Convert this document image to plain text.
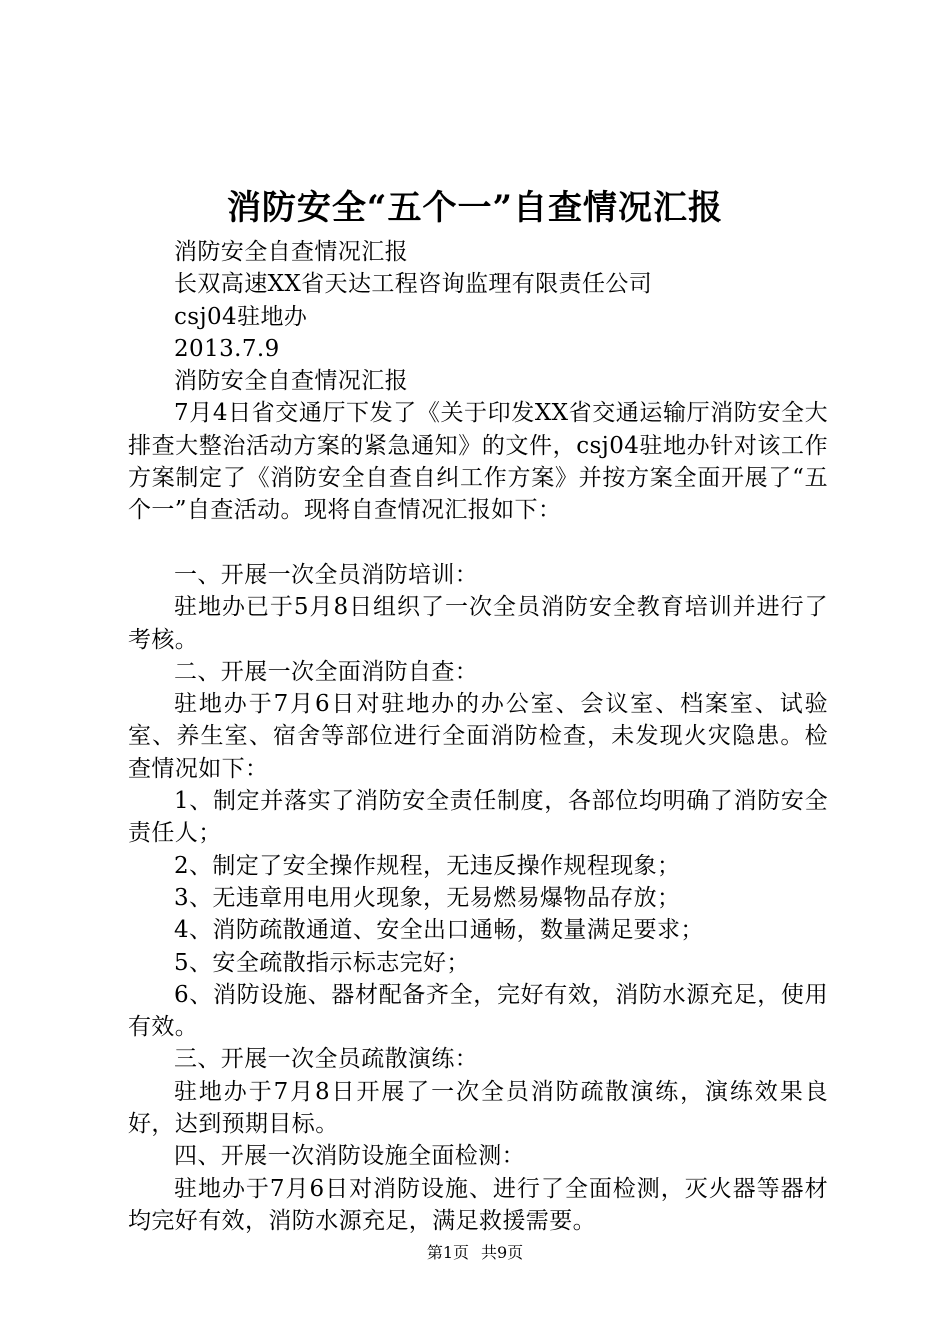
消防安全“五个一”自查情况汇报

消防安全自查情况汇报

长双高速XX省天达工程咨询监理有限责任公司

csj04驻地办

2013.7.9

消防安全自查情况汇报

7月4日省交通厅下发了《关于印发XX省交通运输厅消防安全大排查大整治活动方案的紧急通知》的文件，csj04驻地办针对该工作方案制定了《消防安全自查自纠工作方案》并按方案全面开展了“五个一”自查活动。现将自查情况汇报如下：

一、开展一次全员消防培训：

驻地办已于5月8日组织了一次全员消防安全教育培训并进行了考核。

二、开展一次全面消防自查：

驻地办于7月6日对驻地办的办公室、会议室、档案室、试验室、养生室、宿舍等部位进行全面消防检查，未发现火灾隐患。检查情况如下：

1、制定并落实了消防安全责任制度，各部位均明确了消防安全责任人；

2、制定了安全操作规程，无违反操作规程现象；

3、无违章用电用火现象，无易燃易爆物品存放；

4、消防疏散通道、安全出口通畅，数量满足要求；

5、安全疏散指示标志完好；

6、消防设施、器材配备齐全，完好有效，消防水源充足，使用有效。

三、开展一次全员疏散演练：

驻地办于7月8日开展了一次全员消防疏散演练，演练效果良好，达到预期目标。

四、开展一次消防设施全面检测：

驻地办于7月6日对消防设施、进行了全面检测，灭火器等器材均完好有效，消防水源充足，满足救援需要。

第1页 共9页
